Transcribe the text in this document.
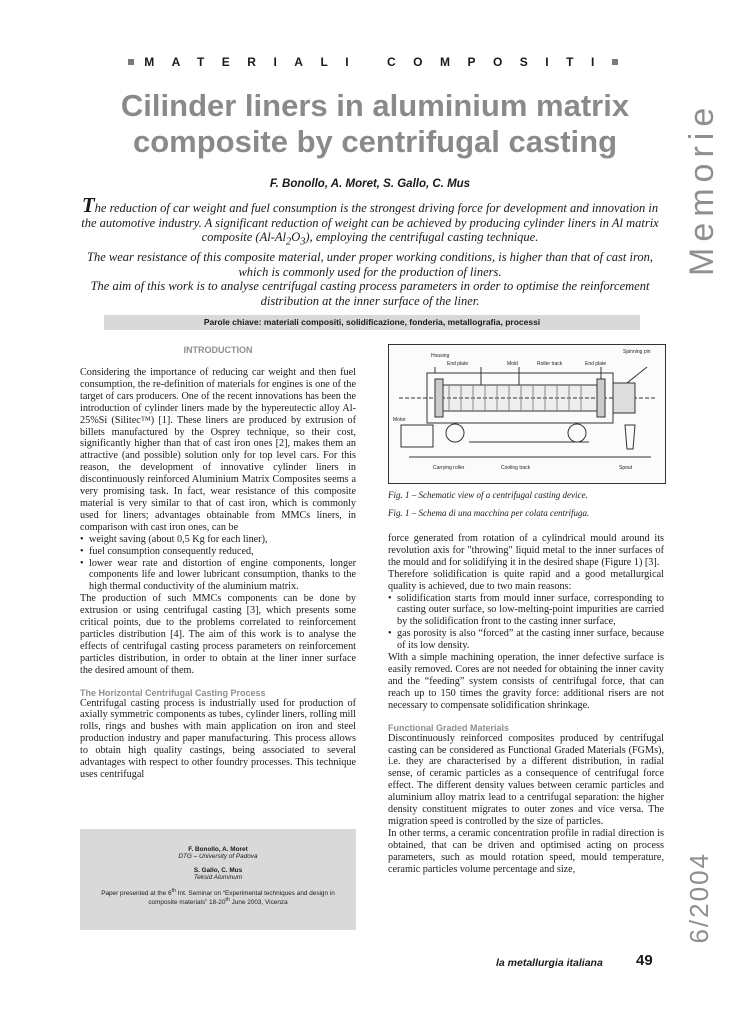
MATERIALI COMPOSITI
Memorie
Cilinder liners in aluminium matrix
composite by centrifugal casting
F. Bonollo, A. Moret, S. Gallo, C. Mus

The reduction of car weight and fuel consumption is the strongest driving force for development and innovation in the automotive industry. A significant reduction of weight can be achieved by producing cylinder liners in Al matrix composite $(Al-Al_2O_3)$, employing the centrifugal casting technique.

The wear resistance of this composite material, under proper working conditions, is higher than that of cast iron, which is commonly used for the production of liners.

The aim of this work is to analyse centrifugal casting process parameters in order to optimise the reinforcement distribution at the inner surface of the liner.

Parole chiave: materiali compositi, solidificazione, fonderia, metallografia, processi
INTRODUCTION

Considering the importance of reducing car weight and then fuel consumption, the re-definition of materials for engines is one of the target of cars producers. One of the recent innovations has been the introduction of cylinder liners made by the hypereutectic alloy Al-25%Si (Silitec™) [1]. These liners are produced by extrusion of billets manufactured by the Osprey technique, so their cost, significantly higher than that of cast iron ones [2], makes them an attractive (and possible) solution only for top level cars. For this reason, the development of innovative cylinder liners in discontinuously reinforced Aluminium Matrix Composites seems a very promising task. In fact, wear resistance of this composite material is very similar to that of cast iron, which is commonly used for liners; advantages obtainable from MMCs liners, in comparison with cast iron ones, can be

• weight saving (about 0,5 Kg for each liner),
• fuel consumption consequently reduced,
• lower wear rate and distortion of engine components, longer components life and lower lubricant consumption, thanks to the high thermal conductivity of the aluminium matrix.

The production of such MMCs components can be done by extrusion or using centrifugal casting [3], which presents some critical points, due to the problems correlated to reinforcement particles distribution [4]. The aim of this work is to analyse the effects of centrifugal casting process parameters on reinforcement particles distribution, in order to obtain at the liner inner surface the desired amount of them.

The Horizontal Centrifugal Casting Process

Centrifugal casting process is industrially used for production of axially symmetric components as tubes, cylinder liners, rolling mill rolls, rings and bushes with main application on iron and steel production industry and paper manufacturing. This process allows to obtain high quality castings, being associated to several advantages with respect to other foundry processes. This technique uses centrifugal

Housing
End plate	Mold	Roller track	End plate
Spinning pin
Motor
Carrying roller	Cooling track	Spout
Fig. 1 – Schematic view of a centrifugal casting device.
Fig. 1 – Schema di una macchina per colata centrifuga.

force generated from rotation of a cylindrical mould around its revolution axis for "throwing" liquid metal to the inner surfaces of the mould and for solidifying it in the desired shape (Figure 1) [3].

Therefore solidification is quite rapid and a good metallurgical quality is achieved, due to two main reasons:

• solidification starts from mould inner surface, corresponding to casting outer surface, so low-melting-point impurities are carried by the solidification front to the casting inner surface,
• gas porosity is also “forced” at the casting inner surface, because of its low density.

With a simple machining operation, the inner defective surface is easily removed. Cores are not needed for obtaining the inner cavity and the “feeding” system consists of centrifugal force, that can reach up to 150 times the gravity force: additional risers are not necessary to compensate solidification shrinkage.

Functional Graded Materials

Discontinuously reinforced composites produced by centrifugal casting can be considered as Functional Graded Materials (FGMs), i.e. they are characterised by a different distribution, in radial sense, of ceramic particles as a consequence of centrifugal force effect. The different density values between ceramic particles and aluminium alloy matrix lead to a centrifugal separation: the higher density constituent migrates to outer zones and vice versa. The migration speed is controlled by the size of particles.

In other terms, a ceramic concentration profile in radial direction is obtained, that can be driven and optimised acting on process parameters, such as mould rotation speed, mould temperature, ceramic particles volume percentage and size,

F. Bonollo, A. Moret
DTG – University of Padova
S. Gallo, C. Mus
Teksid Aluminum
Paper presented at the 6th Int. Seminar on “Experimental techniques and design in composite materials” 18-20th June 2003, Vicenza	6/2004
la metallurgia italiana 49
